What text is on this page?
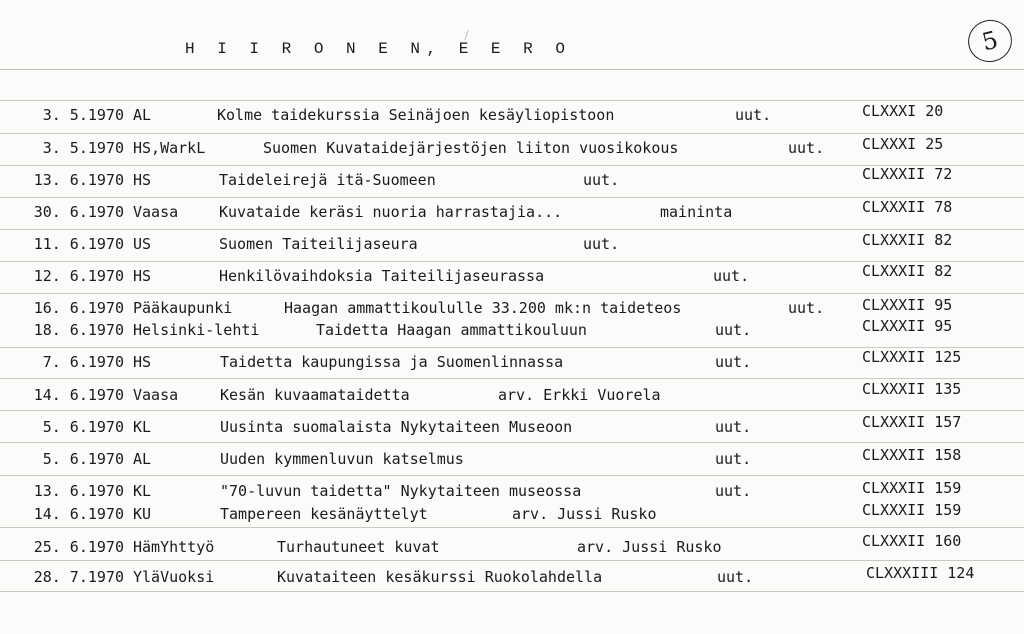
H I I R O N E N, E E R O	5
3. 5.1970 AL	Kolme taidekurssia Seinäjoen kesäyliopistoon	uut.	CLXXXI 20
3. 5.1970 HS,WarkL	Suomen Kuvataidejärjestöjen liiton vuosikokous	uut.	CLXXXI 25
13. 6.1970 HS	Taideleirejä itä-Suomeen	uut.	CLXXXII 72
30. 6.1970 Vaasa	Kuvataide keräsi nuoria harrastajia...	maininta	CLXXXII 78
11. 6.1970 US	Suomen Taiteilijaseura	uut.	CLXXXII 82
12. 6.1970 HS	Henkilövaihdoksia Taiteilijaseurassa	uut.	CLXXXII 82
16. 6.1970 Pääkaupunki	Haagan ammattikoululle 33.200 mk:n taideteos	uut.	CLXXXII 95
18. 6.1970 Helsinki-lehti	Taidetta Haagan ammattikouluun	uut.	CLXXXII 95
7. 6.1970 HS	Taidetta kaupungissa ja Suomenlinnassa	uut.	CLXXXII 125
14. 6.1970 Vaasa	Kesän kuvaamataidetta	arv. Erkki Vuorela	CLXXXII 135
5. 6.1970 KL	Uusinta suomalaista Nykytaiteen Museoon	uut.	CLXXXII 157
5. 6.1970 AL	Uuden kymmenluvun katselmus	uut.	CLXXXII 158
13. 6.1970 KL	"70-luvun taidetta" Nykytaiteen museossa	uut.	CLXXXII 159
14. 6.1970 KU	Tampereen kesänäyttelyt	arv. Jussi Rusko	CLXXXII 159
25. 6.1970 HämYhttyö	Turhautuneet kuvat	arv. Jussi Rusko	CLXXXII 160
28. 7.1970 YläVuoksi	Kuvataiteen kesäkurssi Ruokolahdella	uut.	CLXXXIII 124
